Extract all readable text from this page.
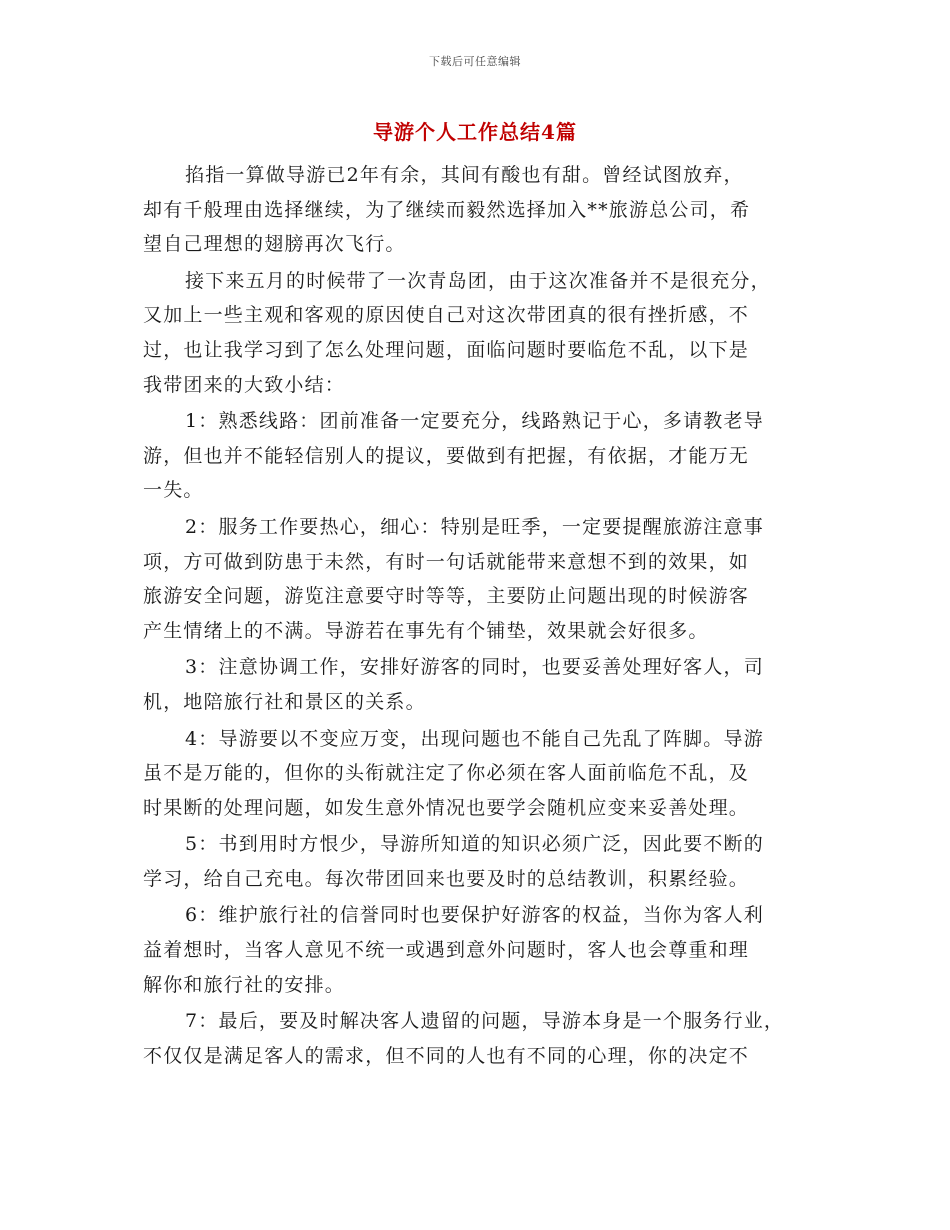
下载后可任意编辑
导游个人工作总结4篇

掐指一算做导游已2年有余，其间有酸也有甜。曾经试图放弃，
却有千般理由选择继续，为了继续而毅然选择加入**旅游总公司，希
望自己理想的翅膀再次飞行。

接下来五月的时候带了一次青岛团，由于这次准备并不是很充分，
又加上一些主观和客观的原因使自己对这次带团真的很有挫折感，不
过，也让我学习到了怎么处理问题，面临问题时要临危不乱，以下是
我带团来的大致小结：

1：熟悉线路：团前准备一定要充分，线路熟记于心，多请教老导
游，但也并不能轻信别人的提议，要做到有把握，有依据，才能万无
一失。

2：服务工作要热心，细心：特别是旺季，一定要提醒旅游注意事
项，方可做到防患于未然，有时一句话就能带来意想不到的效果，如
旅游安全问题，游览注意要守时等等，主要防止问题出现的时候游客
产生情绪上的不满。导游若在事先有个铺垫，效果就会好很多。

3：注意协调工作，安排好游客的同时，也要妥善处理好客人，司
机，地陪旅行社和景区的关系。

4：导游要以不变应万变，出现问题也不能自己先乱了阵脚。导游
虽不是万能的，但你的头衔就注定了你必须在客人面前临危不乱，及
时果断的处理问题，如发生意外情况也要学会随机应变来妥善处理。

5：书到用时方恨少，导游所知道的知识必须广泛，因此要不断的
学习，给自己充电。每次带团回来也要及时的总结教训，积累经验。

6：维护旅行社的信誉同时也要保护好游客的权益，当你为客人利
益着想时，当客人意见不统一或遇到意外问题时，客人也会尊重和理
解你和旅行社的安排。

7：最后，要及时解决客人遗留的问题，导游本身是一个服务行业，
不仅仅是满足客人的需求，但不同的人也有不同的心理，你的决定不
